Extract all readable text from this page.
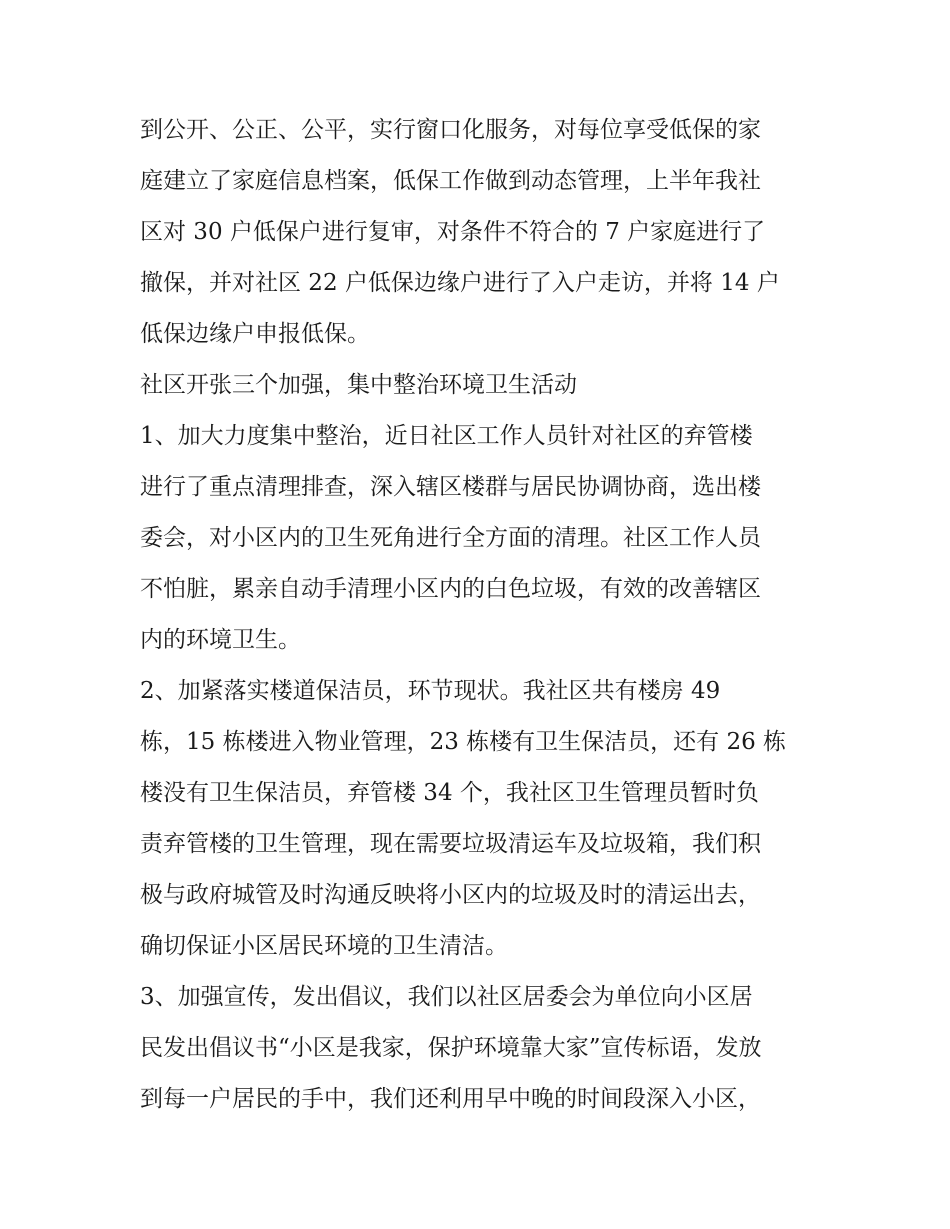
到公开、公正、公平，实行窗口化服务，对每位享受低保的家
庭建立了家庭信息档案，低保工作做到动态管理，上半年我社
区对 30 户低保户进行复审，对条件不符合的 7 户家庭进行了
撤保，并对社区 22 户低保边缘户进行了入户走访，并将 14 户
低保边缘户申报低保。
社区开张三个加强，集中整治环境卫生活动
1、加大力度集中整治，近日社区工作人员针对社区的弃管楼
进行了重点清理排查，深入辖区楼群与居民协调协商，选出楼
委会，对小区内的卫生死角进行全方面的清理。社区工作人员
不怕脏，累亲自动手清理小区内的白色垃圾，有效的改善辖区
内的环境卫生。
2、加紧落实楼道保洁员，环节现状。我社区共有楼房 49
栋，15 栋楼进入物业管理，23 栋楼有卫生保洁员，还有 26 栋
楼没有卫生保洁员，弃管楼 34 个，我社区卫生管理员暂时负
责弃管楼的卫生管理，现在需要垃圾清运车及垃圾箱，我们积
极与政府城管及时沟通反映将小区内的垃圾及时的清运出去，
确切保证小区居民环境的卫生清洁。
3、加强宣传，发出倡议，我们以社区居委会为单位向小区居
民发出倡议书“小区是我家，保护环境靠大家”宣传标语，发放
到每一户居民的手中，我们还利用早中晚的时间段深入小区，
